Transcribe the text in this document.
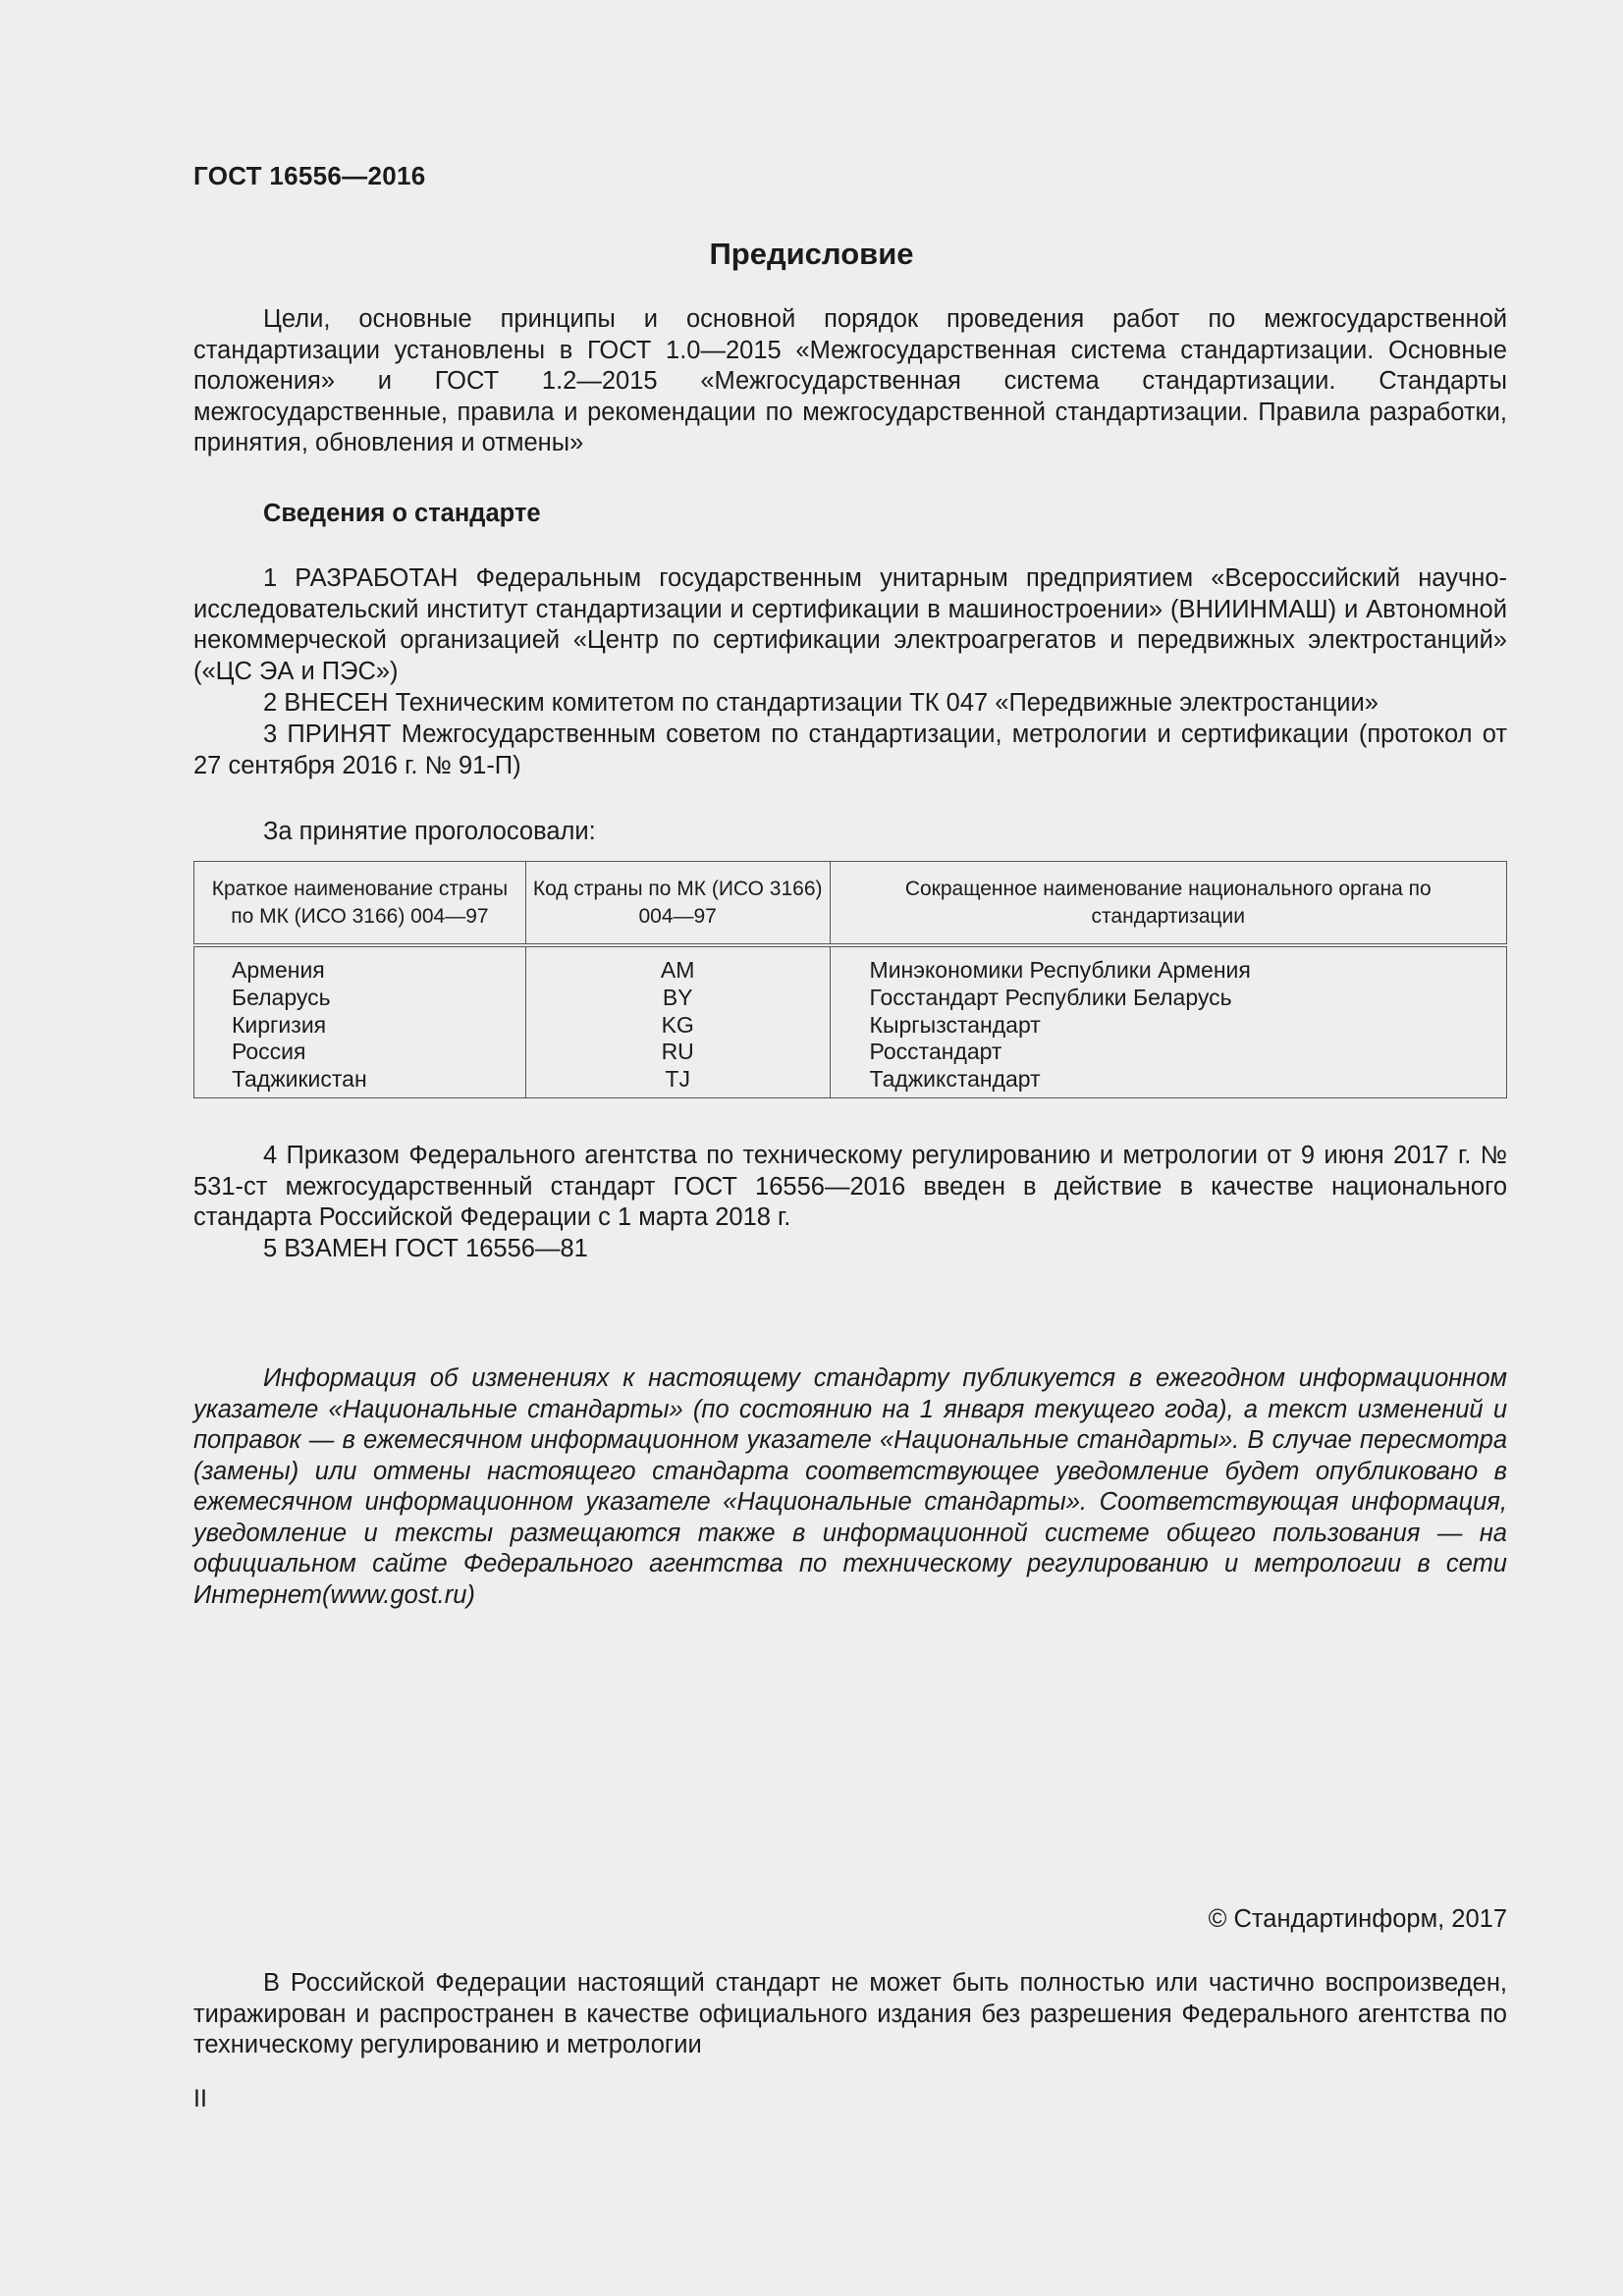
ГОСТ 16556—2016
Предисловие

Цели, основные принципы и основной порядок проведения работ по межгосударственной стандартизации установлены в ГОСТ 1.0—2015 «Межгосударственная система стандартизации. Основные положения» и ГОСТ 1.2—2015 «Межгосударственная система стандартизации. Стандарты межгосударственные, правила и рекомендации по межгосударственной стандартизации. Правила разработки, принятия, обновления и отмены»

Сведения о стандарте

1 РАЗРАБОТАН Федеральным государственным унитарным предприятием «Всероссийский научно-исследовательский институт стандартизации и сертификации в машиностроении» (ВНИИНМАШ) и Автономной некоммерческой организацией «Центр по сертификации электроагрегатов и передвижных электростанций» («ЦС ЭА и ПЭС»)

2 ВНЕСЕН Техническим комитетом по стандартизации ТК 047 «Передвижные электростанции»

3 ПРИНЯТ Межгосударственным советом по стандартизации, метрологии и сертификации (протокол от 27 сентября 2016 г. № 91-П)

За принятие проголосовали:

Краткое наименование страны по МК (ИСО 3166) 004—97	Код страны по МК (ИСО 3166) 004—97	Сокращенное наименование национального органа по стандартизации
Армения	AM	Минэкономики Республики Армения
Беларусь	BY	Госстандарт Республики Беларусь
Киргизия	KG	Кыргызстандарт
Россия	RU	Росстандарт
Таджикистан	TJ	Таджикстандарт

4 Приказом Федерального агентства по техническому регулированию и метрологии от 9 июня 2017 г. № 531-ст межгосударственный стандарт ГОСТ 16556—2016 введен в действие в качестве национального стандарта Российской Федерации с 1 марта 2018 г.

5 ВЗАМЕН ГОСТ 16556—81

Информация об изменениях к настоящему стандарту публикуется в ежегодном информационном указателе «Национальные стандарты» (по состоянию на 1 января текущего года), а текст изменений и поправок — в ежемесячном информационном указателе «Национальные стандарты». В случае пересмотра (замены) или отмены настоящего стандарта соответствующее уведомление будет опубликовано в ежемесячном информационном указателе «Национальные стандарты». Соответствующая информация, уведомление и тексты размещаются также в информационной системе общего пользования — на официальном сайте Федерального агентства по техническому регулированию и метрологии в сети Интернет(www.gost.ru)

© Стандартинформ, 2017

В Российской Федерации настоящий стандарт не может быть полностью или частично воспроизведен, тиражирован и распространен в качестве официального издания без разрешения Федерального агентства по техническому регулированию и метрологии

II
